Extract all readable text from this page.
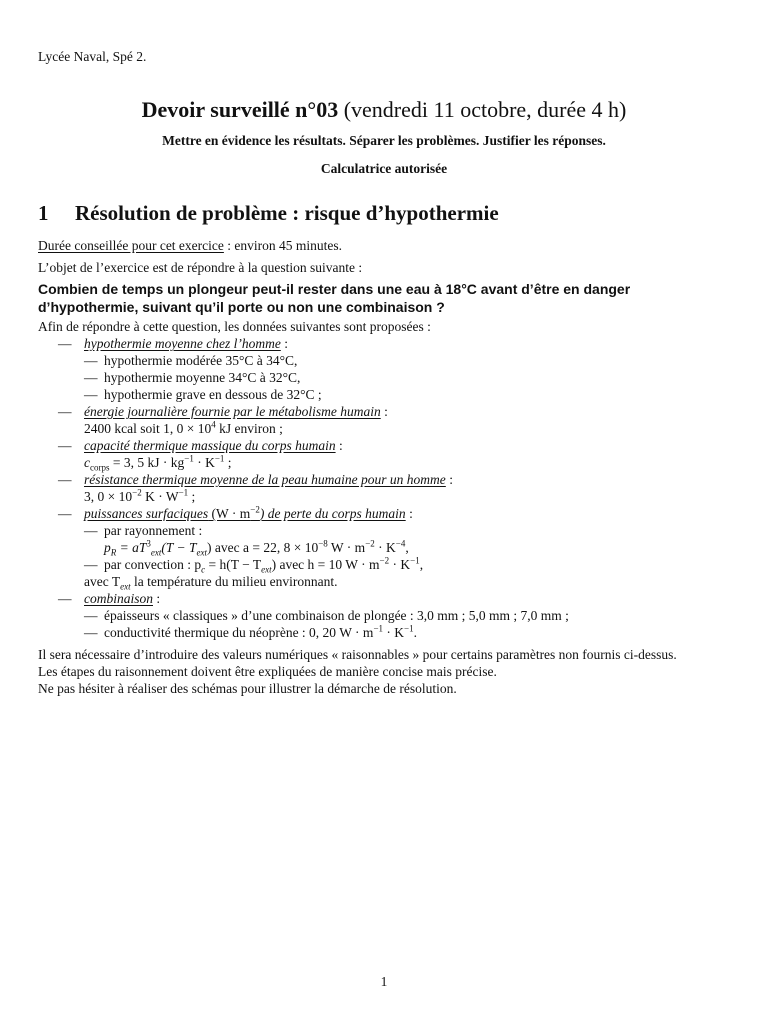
Lycée Naval, Spé 2.
Devoir surveillé n°03 (vendredi 11 octobre, durée 4 h)
Mettre en évidence les résultats. Séparer les problèmes. Justifier les réponses.
Calculatrice autorisée
1 Résolution de problème : risque d’hypothermie

Durée conseillée pour cet exercice : environ 45 minutes.

L’objet de l’exercice est de répondre à la question suivante :

Combien de temps un plongeur peut-il rester dans une eau à 18°C avant d’être en danger d’hypothermie, suivant qu’il porte ou non une combinaison ?

Afin de répondre à cette question, les données suivantes sont proposées :

— hypothermie moyenne chez l’homme :
— hypothermie modérée 35°C à 34°C,
— hypothermie moyenne 34°C à 32°C,
— hypothermie grave en dessous de 32°C ;
— énergie journalière fournie par le métabolisme humain :
2400 kcal soit 1, $0 \times 10^4$ kJ environ ;
— capacité thermique massique du corps humain :
$c_{corps} = 3$, 5 kJ · $kg^{-1} \cdot K^{-1}$ ;
— résistance thermique moyenne de la peau humaine pour un homme :
3, $0 \times 10^{-2}$ $K \cdot W^{-1}$ ;
— puissances surfaciques $(W \cdot m^{-2})$ de perte du corps humain :
— par rayonnement :
$p_R = aT^3_{ext}(T - T_{ext})$ avec a = 22, $8 \times 10^{-8}$ $W \cdot m^{-2} \cdot K^{-4}$,
— par convection : $p_c = h(T - T_{ext})$ avec h = 10 $W \cdot m^{-2} \cdot K^{-1}$,
avec $T_{ext}$ la température du milieu environnant.
— combinaison :
— épaisseurs « classiques » d’une combinaison de plongée : 3,0 mm ; 5,0 mm ; 7,0 mm ;
— conductivité thermique du néoprène : 0, 20 $W \cdot m^{-1} \cdot K^{-1}$.

Il sera nécessaire d’introduire des valeurs numériques « raisonnables » pour certains paramètres non fournis ci-dessus.

Les étapes du raisonnement doivent être expliquées de manière concise mais précise.

Ne pas hésiter à réaliser des schémas pour illustrer la démarche de résolution.

1
